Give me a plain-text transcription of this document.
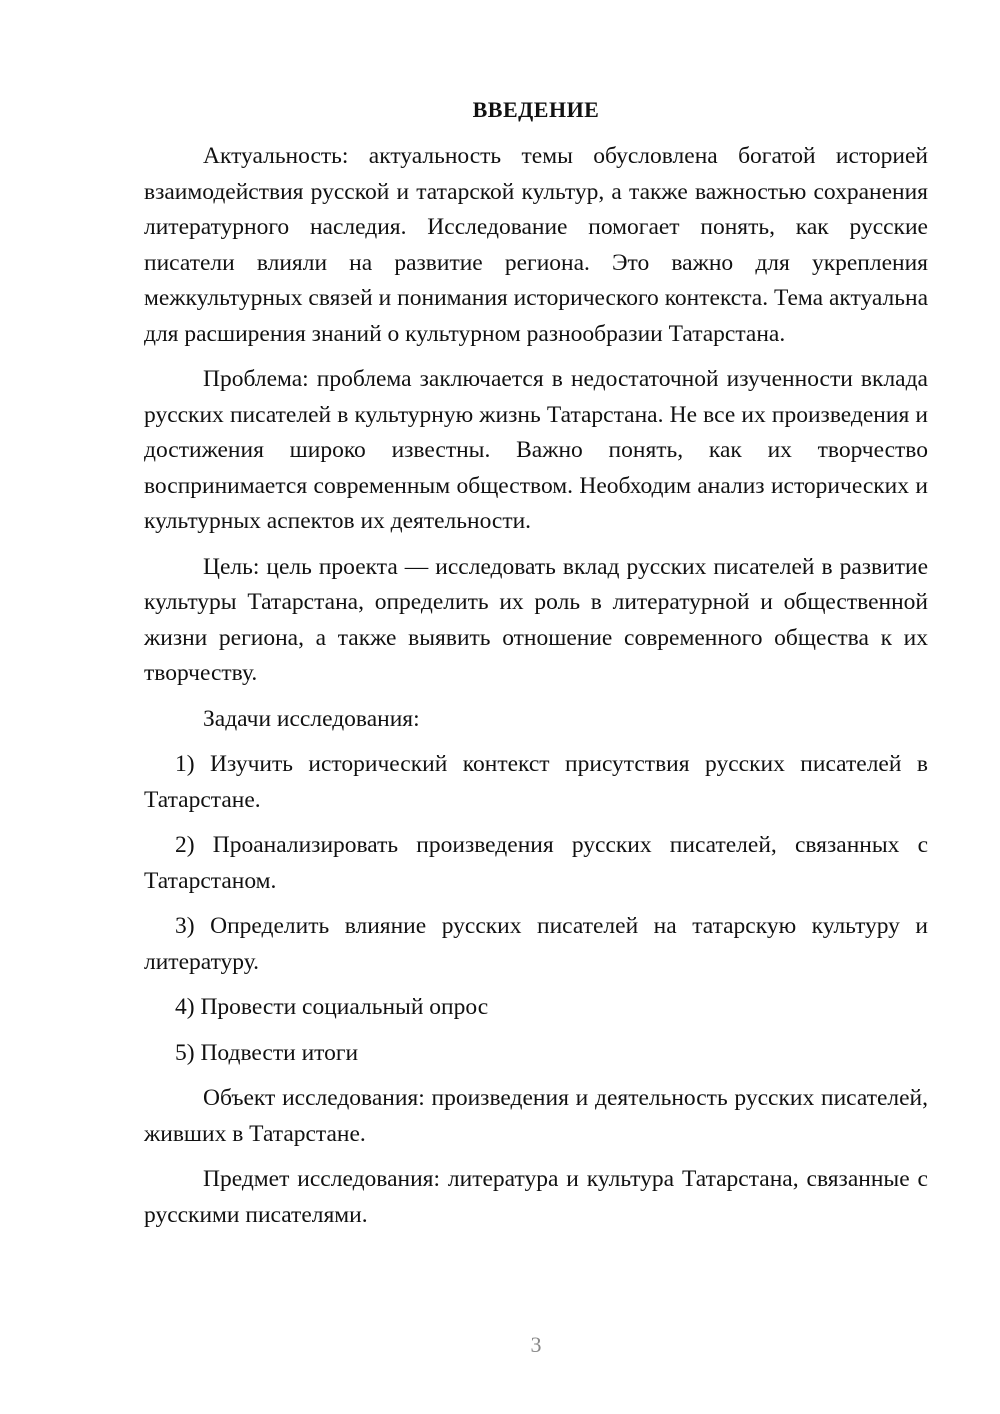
ВВЕДЕНИЕ

Актуальность: актуальность темы обусловлена богатой историей взаимодействия русской и татарской культур, а также важностью сохранения литературного наследия. Исследование помогает понять, как русские писатели влияли на развитие региона. Это важно для укрепления межкультурных связей и понимания исторического контекста. Тема актуальна для расширения знаний о культурном разнообразии Татарстана.

Проблема: проблема заключается в недостаточной изученности вклада русских писателей в культурную жизнь Татарстана. Не все их произведения и достижения широко известны. Важно понять, как их творчество воспринимается современным обществом. Необходим анализ исторических и культурных аспектов их деятельности.

Цель: цель проекта — исследовать вклад русских писателей в развитие культуры Татарстана, определить их роль в литературной и общественной жизни региона, а также выявить отношение современного общества к их творчеству.

Задачи исследования:

1) Изучить исторический контекст присутствия русских писателей в Татарстане.

2) Проанализировать произведения русских писателей, связанных с Татарстаном.

3) Определить влияние русских писателей на татарскую культуру и литературу.

4) Провести социальный опрос

5) Подвести итоги

Объект исследования: произведения и деятельность русских писателей, живших в Татарстане.

Предмет исследования: литература и культура Татарстана, связанные с русскими писателями.

3
